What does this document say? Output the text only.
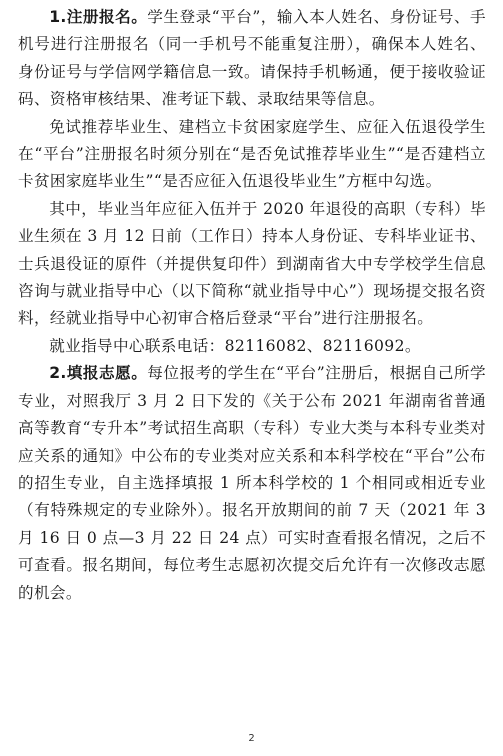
1.注册报名。学生登录“平台”，输入本人姓名、身份证号、手机号进行注册报名（同一手机号不能重复注册），确保本人姓名、身份证号与学信网学籍信息一致。请保持手机畅通，便于接收验证码、资格审核结果、准考证下载、录取结果等信息。

免试推荐毕业生、建档立卡贫困家庭学生、应征入伍退役学生在“平台”注册报名时须分别在“是否免试推荐毕业生”“是否建档立卡贫困家庭毕业生”“是否应征入伍退役毕业生”方框中勾选。

其中，毕业当年应征入伍并于 2020 年退役的高职（专科）毕业生须在 3 月 12 日前（工作日）持本人身份证、专科毕业证书、士兵退役证的原件（并提供复印件）到湖南省大中专学校学生信息咨询与就业指导中心（以下简称“就业指导中心”）现场提交报名资料，经就业指导中心初审合格后登录“平台”进行注册报名。

就业指导中心联系电话：82116082、82116092。

2.填报志愿。每位报考的学生在“平台”注册后，根据自己所学专业，对照我厅 3 月 2 日下发的《关于公布 2021 年湖南省普通高等教育“专升本”考试招生高职（专科）专业大类与本科专业类对应关系的通知》中公布的专业类对应关系和本科学校在“平台”公布的招生专业，自主选择填报 1 所本科学校的 1 个相同或相近专业（有特殊规定的专业除外）。报名开放期间的前 7 天（2021 年 3 月 16 日 0 点—3 月 22 日 24 点）可实时查看报名情况，之后不可查看。报名期间，每位考生志愿初次提交后允许有一次修改志愿的机会。

2
